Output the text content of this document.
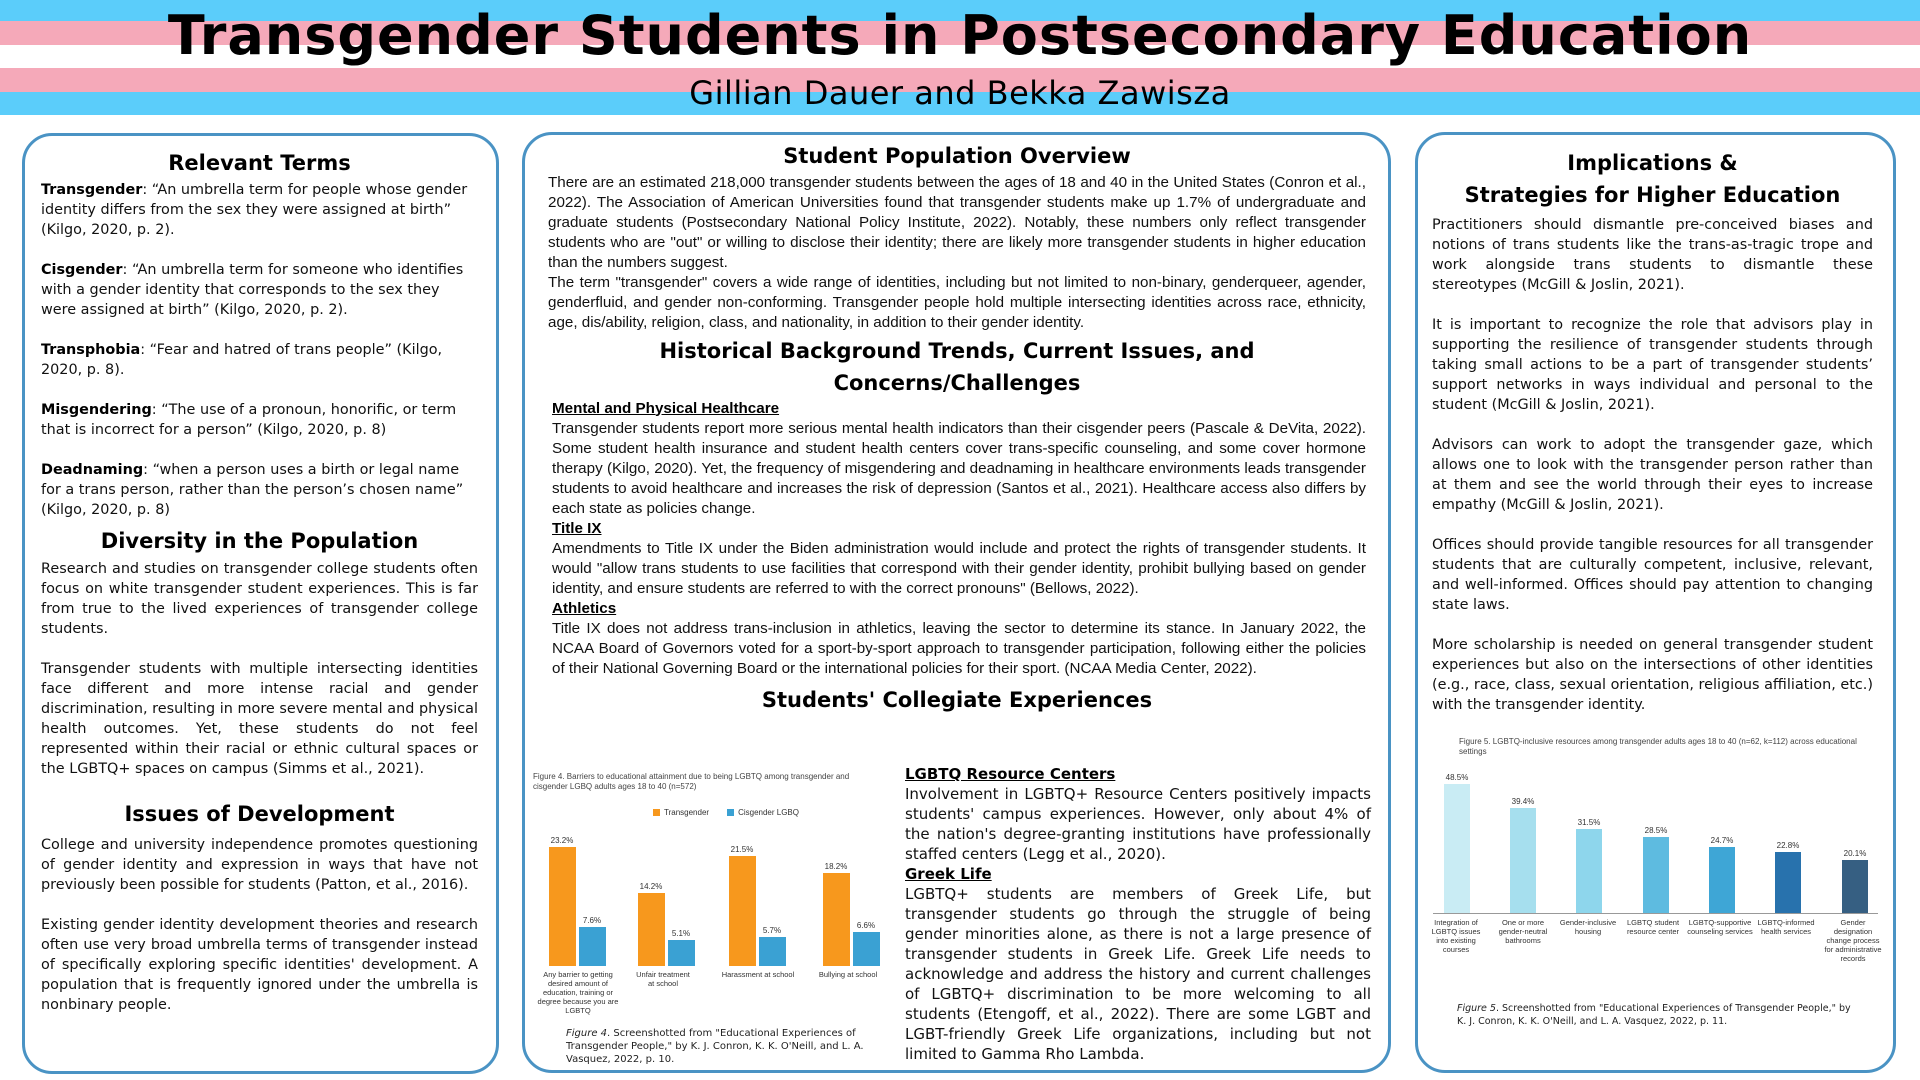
Transgender Students in Postsecondary Education
Gillian Dauer and Bekka Zawisza
Relevant Terms

Transgender: “An umbrella term for people whose gender identity differs from the sex they were assigned at birth” (Kilgo, 2020, p. 2).

Cisgender: “An umbrella term for someone who identifies with a gender identity that corresponds to the sex they were assigned at birth” (Kilgo, 2020, p. 2).

Transphobia: “Fear and hatred of trans people” (Kilgo, 2020, p. 8).

Misgendering: “The use of a pronoun, honorific, or term that is incorrect for a person” (Kilgo, 2020, p. 8)

Deadnaming: “when a person uses a birth or legal name for a trans person, rather than the person’s chosen name” (Kilgo, 2020, p. 8)

Diversity in the Population

Research and studies on transgender college students often focus on white transgender student experiences. This is far from true to the lived experiences of transgender college students.

Transgender students with multiple intersecting identities face different and more intense racial and gender discrimination, resulting in more severe mental and physical health outcomes. Yet, these students do not feel represented within their racial or ethnic cultural spaces or the LGBTQ+ spaces on campus (Simms et al., 2021).

Issues of Development

College and university independence promotes questioning of gender identity and expression in ways that have not previously been possible for students (Patton, et al., 2016).

Existing gender identity development theories and research often use very broad umbrella terms of transgender instead of specifically exploring specific identities' development. A population that is frequently ignored under the umbrella is nonbinary people.

Student Population Overview

There are an estimated 218,000 transgender students between the ages of 18 and 40 in the United States (Conron et al., 2022). The Association of American Universities found that transgender students make up 1.7% of undergraduate and graduate students (Postsecondary National Policy Institute, 2022). Notably, these numbers only reflect transgender students who are "out" or willing to disclose their identity; there are likely more transgender students in higher education than the numbers suggest.

The term "transgender" covers a wide range of identities, including but not limited to non-binary, genderqueer, agender, genderfluid, and gender non-conforming. Transgender people hold multiple intersecting identities across race, ethnicity, age, dis/ability, religion, class, and nationality, in addition to their gender identity.

Historical Background Trends, Current Issues, and
Concerns/Challenges
Mental and Physical Healthcare

Transgender students report more serious mental health indicators than their cisgender peers (Pascale & DeVita, 2022). Some student health insurance and student health centers cover trans-specific counseling, and some cover hormone therapy (Kilgo, 2020). Yet, the frequency of misgendering and deadnaming in healthcare environments leads transgender students to avoid healthcare and increases the risk of depression (Santos et al., 2021). Healthcare access also differs by each state as policies change.

Title IX

Amendments to Title IX under the Biden administration would include and protect the rights of transgender students. It would "allow trans students to use facilities that correspond with their gender identity, prohibit bullying based on gender identity, and ensure students are referred to with the correct pronouns" (Bellows, 2022).

Athletics

Title IX does not address trans-inclusion in athletics, leaving the sector to determine its stance. In January 2022, the NCAA Board of Governors voted for a sport-by-sport approach to transgender participation, following either the policies of their National Governing Board or the international policies for their sport. (NCAA Media Center, 2022).

Students' Collegiate Experiences
LGBTQ Resource Centers

Involvement in LGBTQ+ Resource Centers positively impacts students' campus experiences. However, only about 4% of the nation's degree-granting institutions have professionally staffed centers (Legg et al., 2020).

Greek Life

LGBTQ+ students are members of Greek Life, but transgender students go through the struggle of being gender minorities alone, as there is not a large presence of transgender students in Greek Life. Greek Life needs to acknowledge and address the history and current challenges of LGBTQ+ discrimination to be more welcoming to all students (Etengoff, et al., 2022). There are some LGBT and LGBT-friendly Greek Life organizations, including but not limited to Gamma Rho Lambda.

Figure 4. Barriers to educational attainment due to being LGBTQ among transgender and cisgender LGBQ adults ages 18 to 40 (n=572)
Transgender	Cisgender LGBQ
23.2%
7.6%
14.2%
5.1%
21.5%
5.7%
18.2%
6.6%
Any barrier to getting desired amount of education, training or degree because you are LGBTQ
Unfair treatment at school
Harassment at school	Bullying at school
Figure 4. Screenshotted from "Educational Experiences of Transgender People," by K. J. Conron, K. K. O'Neill, and L. A. Vasquez, 2022, p. 10.
Implications &
Strategies for Higher Education

Practitioners should dismantle pre-conceived biases and notions of trans students like the trans-as-tragic trope and work alongside trans students to dismantle these stereotypes (McGill & Joslin, 2021).

It is important to recognize the role that advisors play in supporting the resilience of transgender students through taking small actions to be a part of transgender students’ support networks in ways individual and personal to the student (McGill & Joslin, 2021).

Advisors can work to adopt the transgender gaze, which allows one to look with the transgender person rather than at them and see the world through their eyes to increase empathy (McGill & Joslin, 2021).

Offices should provide tangible resources for all transgender students that are culturally competent, inclusive, relevant, and well-informed. Offices should pay attention to changing state laws.

More scholarship is needed on general transgender student experiences but also on the intersections of other identities (e.g., race, class, sexual orientation, religious affiliation, etc.) with the transgender identity.

Figure 5. LGBTQ-inclusive resources among transgender adults ages 18 to 40 (n=62, k=112) across educational settings
48.5%
39.4%
31.5%
28.5%
24.7%
22.8%
20.1%
Integration of LGBTQ issues into existing courses
One or more gender-neutral bathrooms
Gender-inclusive housing
LGBTQ student resource center
LGBTQ-supportive counseling services
LGBTQ-informed health services
Gender designation change process for administrative records
Figure 5. Screenshotted from "Educational Experiences of Transgender People," by K. J. Conron, K. K. O'Neill, and L. A. Vasquez, 2022, p. 11.
